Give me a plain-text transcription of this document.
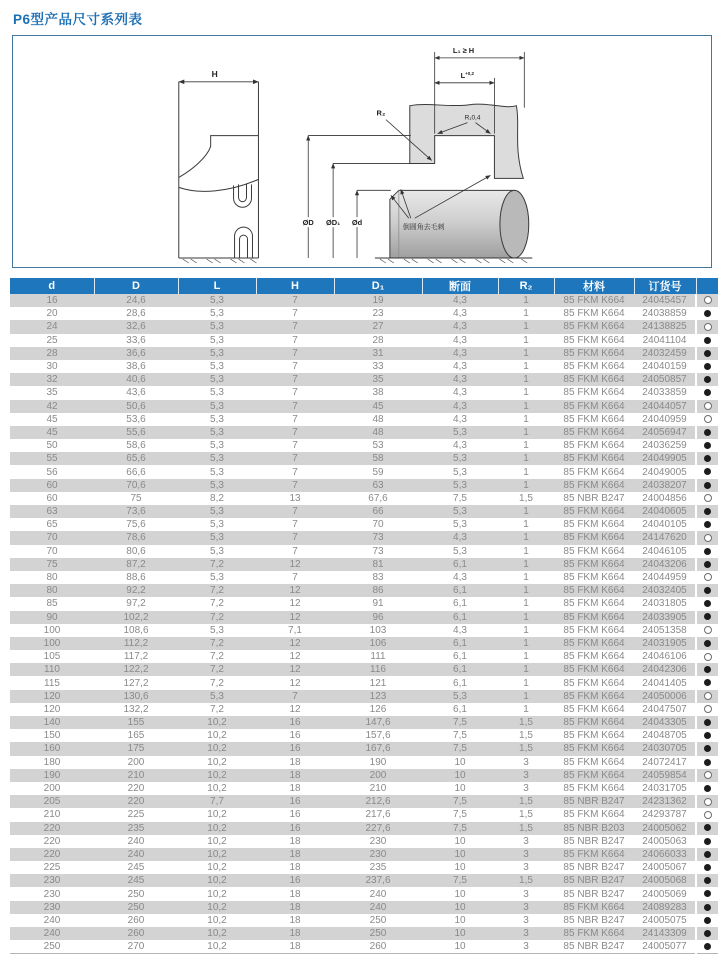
P6型产品尺寸系列表
H
L₁ ≥ H
$L^{+0,2}$
R₁0,4
R₂
ØD ØD₁ Ød
倒圆角去毛刺
d	D	L	H	D₁	断面	R₂	材料	订货号	
16	24,6	5,3	7	19	4,3	1	85 FKM K664	24045457	
20	28,6	5,3	7	23	4,3	1	85 FKM K664	24038859	
24	32,6	5,3	7	27	4,3	1	85 FKM K664	24138825	
25	33,6	5,3	7	28	4,3	1	85 FKM K664	24041104	
28	36,6	5,3	7	31	4,3	1	85 FKM K664	24032459	
30	38,6	5,3	7	33	4,3	1	85 FKM K664	24040159	
32	40,6	5,3	7	35	4,3	1	85 FKM K664	24050857	
35	43,6	5,3	7	38	4,3	1	85 FKM K664	24033859	
42	50,6	5,3	7	45	4,3	1	85 FKM K664	24044057	
45	53,6	5,3	7	48	4,3	1	85 FKM K664	24040959	
45	55,6	5,3	7	48	5,3	1	85 FKM K664	24056947	
50	58,6	5,3	7	53	4,3	1	85 FKM K664	24036259	
55	65,6	5,3	7	58	5,3	1	85 FKM K664	24049905	
56	66,6	5,3	7	59	5,3	1	85 FKM K664	24049005	
60	70,6	5,3	7	63	5,3	1	85 FKM K664	24038207	
60	75	8,2	13	67,6	7,5	1,5	85 NBR B247	24004856	
63	73,6	5,3	7	66	5,3	1	85 FKM K664	24040605	
65	75,6	5,3	7	70	5,3	1	85 FKM K664	24040105	
70	78,6	5,3	7	73	4,3	1	85 FKM K664	24147620	
70	80,6	5,3	7	73	5,3	1	85 FKM K664	24046105	
75	87,2	7,2	12	81	6,1	1	85 FKM K664	24043206	
80	88,6	5,3	7	83	4,3	1	85 FKM K664	24044959	
80	92,2	7,2	12	86	6,1	1	85 FKM K664	24032405	
85	97,2	7,2	12	91	6,1	1	85 FKM K664	24031805	
90	102,2	7,2	12	96	6,1	1	85 FKM K664	24033905	
100	108,6	5,3	7,1	103	4,3	1	85 FKM K664	24051358	
100	112,2	7,2	12	106	6,1	1	85 FKM K664	24031905	
105	117,2	7,2	12	111	6,1	1	85 FKM K664	24046106	
110	122,2	7,2	12	116	6,1	1	85 FKM K664	24042306	
115	127,2	7,2	12	121	6,1	1	85 FKM K664	24041405	
120	130,6	5,3	7	123	5,3	1	85 FKM K664	24050006	
120	132,2	7,2	12	126	6,1	1	85 FKM K664	24047507	
140	155	10,2	16	147,6	7,5	1,5	85 FKM K664	24043305	
150	165	10,2	16	157,6	7,5	1,5	85 FKM K664	24048705	
160	175	10,2	16	167,6	7,5	1,5	85 FKM K664	24030705	
180	200	10,2	18	190	10	3	85 FKM K664	24072417	
190	210	10,2	18	200	10	3	85 FKM K664	24059854	
200	220	10,2	18	210	10	3	85 FKM K664	24031705	
205	220	7,7	16	212,6	7,5	1,5	85 NBR B247	24231362	
210	225	10,2	16	217,6	7,5	1,5	85 FKM K664	24293787	
220	235	10,2	16	227,6	7,5	1,5	85 NBR B203	24005062	
220	240	10,2	18	230	10	3	85 NBR B247	24005063	
220	240	10,2	18	230	10	3	85 FKM K664	24066033	
225	245	10,2	18	235	10	3	85 NBR B247	24005067	
230	245	10,2	16	237,6	7,5	1,5	85 NBR B247	24005068	
230	250	10,2	18	240	10	3	85 NBR B247	24005069	
230	250	10,2	18	240	10	3	85 FKM K664	24089283	
240	260	10,2	18	250	10	3	85 NBR B247	24005075	
240	260	10,2	18	250	10	3	85 FKM K664	24143309	
250	270	10,2	18	260	10	3	85 NBR B247	24005077	
